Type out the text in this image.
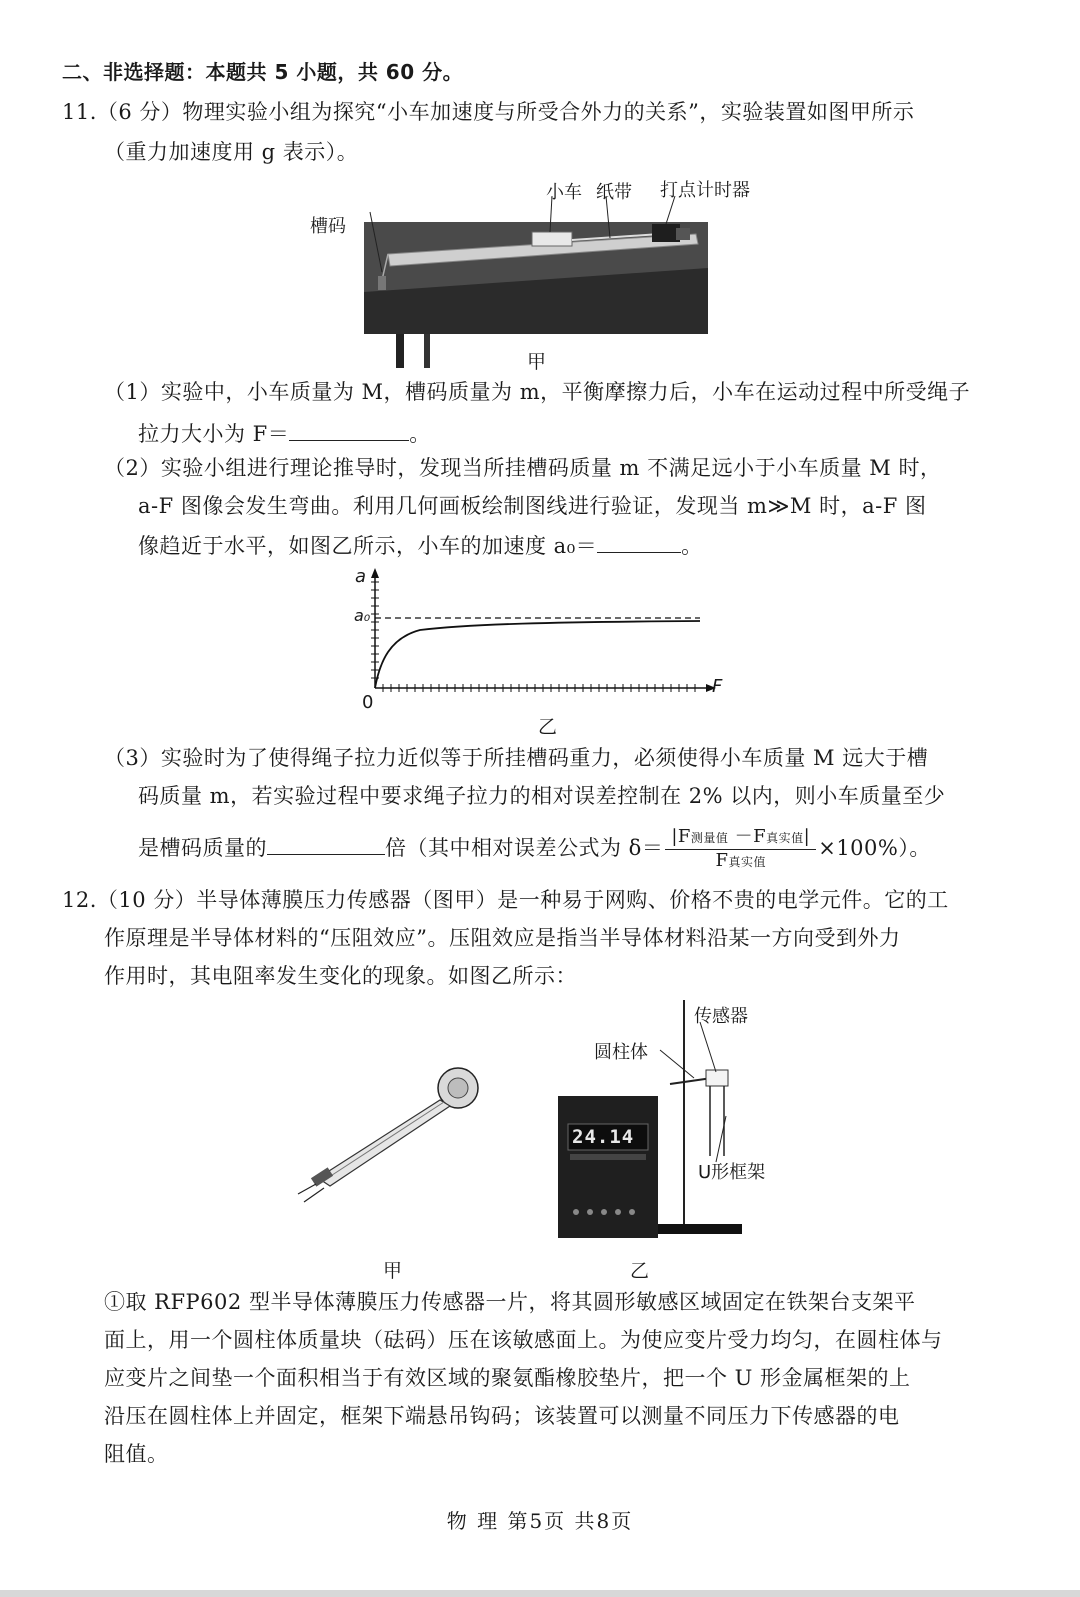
二、非选择题：本题共 5 小题，共 60 分。
11.（6 分）物理实验小组为探究“小车加速度与所受合外力的关系”，实验装置如图甲所示
（重力加速度用 g 表示）。
小车 纸带 打点计时器
槽码
甲
（1）实验中，小车质量为 M，槽码质量为 m，平衡摩擦力后，小车在运动过程中所受绳子
拉力大小为 F＝	。
（2）实验小组进行理论推导时，发现当所挂槽码质量 m 不满足远小于小车质量 M 时，
a-F 图像会发生弯曲。利用几何画板绘制图线进行验证，发现当 m≫M 时，a-F 图
像趋近于水平，如图乙所示，小车的加速度 a₀＝	。
a
a₀
0
F
乙
（3）实验时为了使得绳子拉力近似等于所挂槽码重力，必须使得小车质量 M 远大于槽
码质量 m，若实验过程中要求绳子拉力的相对误差控制在 2% 以内，则小车质量至少
是槽码质量的	倍（其中相对误差公式为 $\delta= \frac{\text{|F测量值 －F真实值|}}{\text{F真实值}} \times 100\%$）。
12.（10 分）半导体薄膜压力传感器（图甲）是一种易于网购、价格不贵的电学元件。它的工
作原理是半导体材料的“压阻效应”。压阻效应是指当半导体材料沿某一方向受到外力
作用时，其电阻率发生变化的现象。如图乙所示：
甲
24.14
传感器
圆柱体
U形框架
乙
①取 RFP602 型半导体薄膜压力传感器一片，将其圆形敏感区域固定在铁架台支架平
面上，用一个圆柱体质量块（砝码）压在该敏感面上。为使应变片受力均匀，在圆柱体与
应变片之间垫一个面积相当于有效区域的聚氨酯橡胶垫片，把一个 U 形金属框架的上
沿压在圆柱体上并固定，框架下端悬吊钩码；该装置可以测量不同压力下传感器的电
阻值。
物 理 第5页 共8页
